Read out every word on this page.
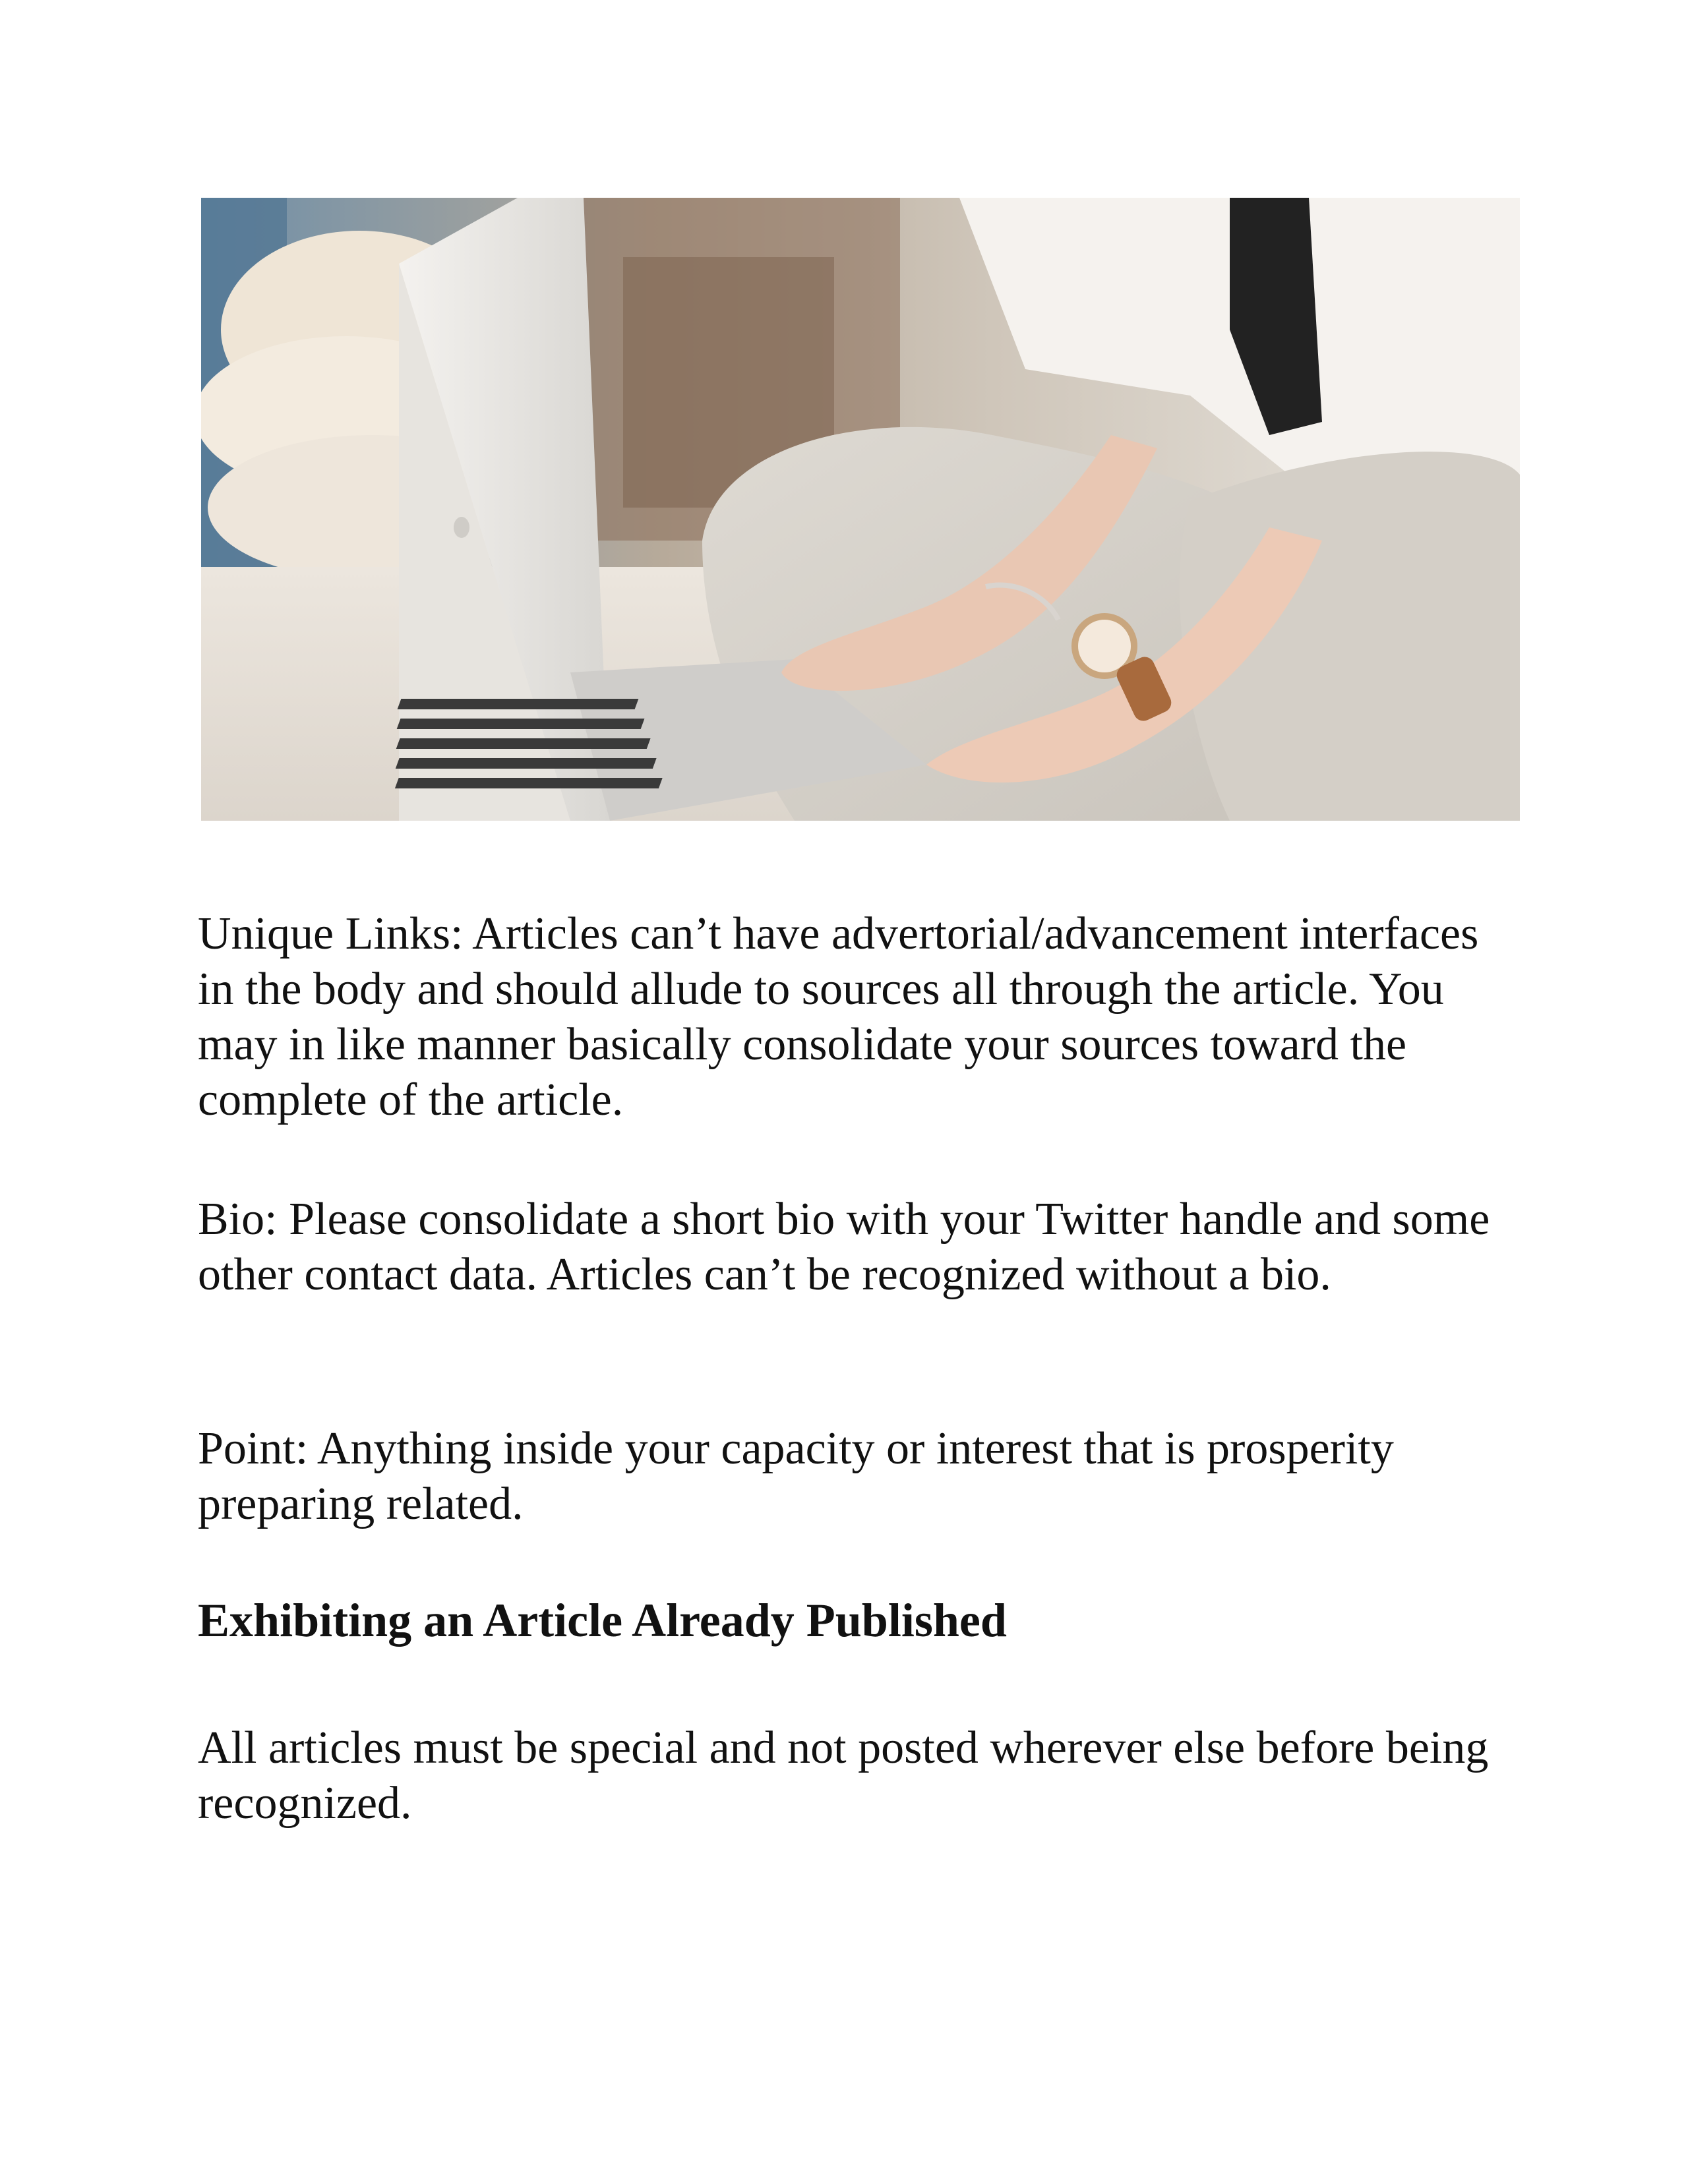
Unique Links: Articles can’t have advertorial/advancement interfaces in the body and should allude to sources all through the article. You may in like manner basically consolidate your sources toward the complete of the article.

Bio: Please consolidate a short bio with your Twitter handle and some other contact data. Articles can’t be recognized without a bio.

Point: Anything inside your capacity or interest that is prosperity preparing related.

Exhibiting an Article Already Published

All articles must be special and not posted wherever else before being recognized.
